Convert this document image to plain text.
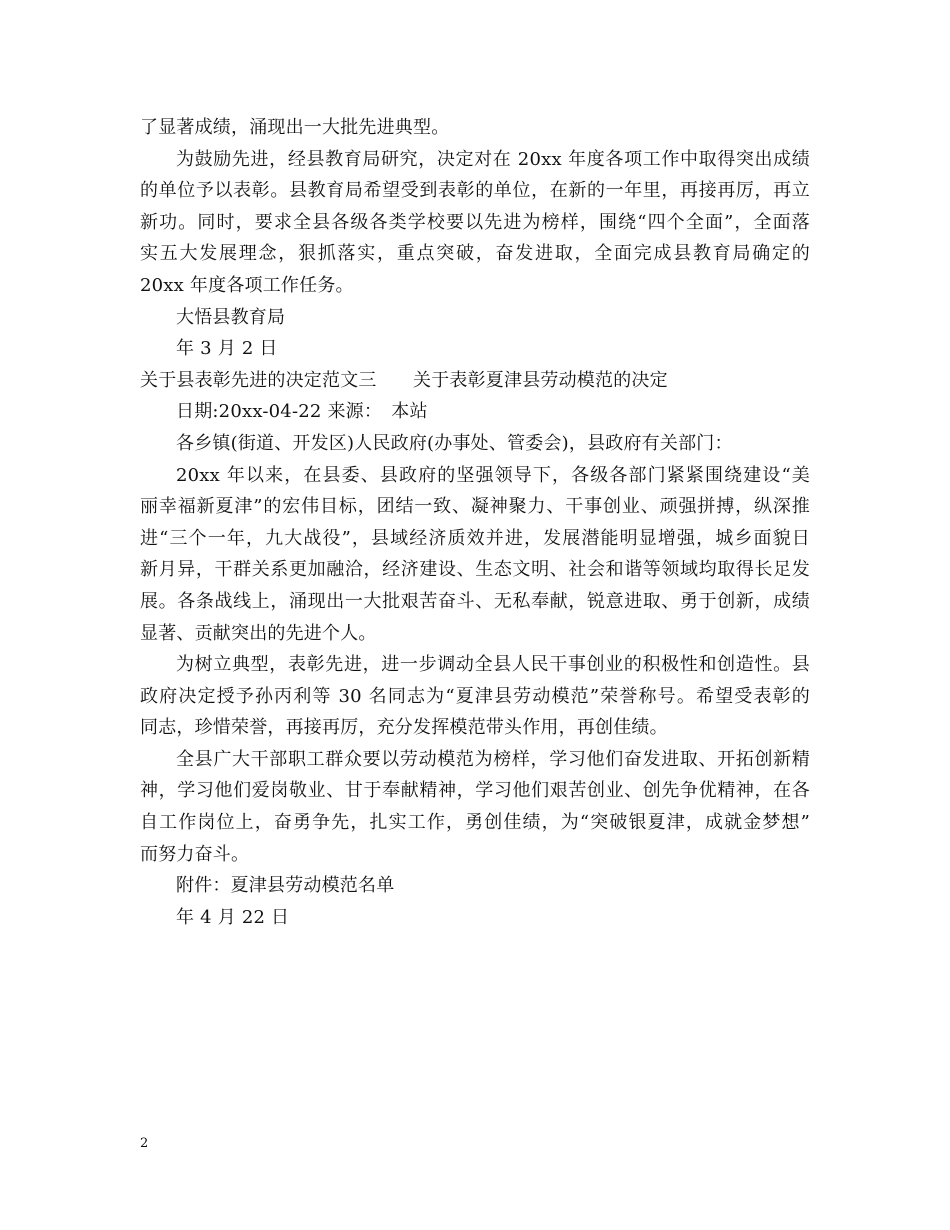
了显著成绩，涌现出一大批先进典型。
为鼓励先进，经县教育局研究，决定对在 20xx 年度各项工作中取得突出成绩
的单位予以表彰。县教育局希望受到表彰的单位，在新的一年里，再接再厉，再立
新功。同时，要求全县各级各类学校要以先进为榜样，围绕“四个全面”，全面落
实五大发展理念，狠抓落实，重点突破，奋发进取，全面完成县教育局确定的
20xx 年度各项工作任务。
大悟县教育局
年 3 月 2 日
关于县表彰先进的决定范文三　　关于表彰夏津县劳动模范的决定
日期:20xx-04-22 来源：　本站
各乡镇(街道、开发区)人民政府(办事处、管委会)，县政府有关部门：
20xx 年以来，在县委、县政府的坚强领导下，各级各部门紧紧围绕建设“美
丽幸福新夏津”的宏伟目标，团结一致、凝神聚力、干事创业、顽强拼搏，纵深推
进“三个一年，九大战役”，县域经济质效并进，发展潜能明显增强，城乡面貌日
新月异，干群关系更加融洽，经济建设、生态文明、社会和谐等领域均取得长足发
展。各条战线上，涌现出一大批艰苦奋斗、无私奉献，锐意进取、勇于创新，成绩
显著、贡献突出的先进个人。
为树立典型，表彰先进，进一步调动全县人民干事创业的积极性和创造性。县
政府决定授予孙丙利等 30 名同志为“夏津县劳动模范”荣誉称号。希望受表彰的
同志，珍惜荣誉，再接再厉，充分发挥模范带头作用，再创佳绩。
全县广大干部职工群众要以劳动模范为榜样，学习他们奋发进取、开拓创新精
神，学习他们爱岗敬业、甘于奉献精神，学习他们艰苦创业、创先争优精神，在各
自工作岗位上，奋勇争先，扎实工作，勇创佳绩，为“突破银夏津，成就金梦想”
而努力奋斗。
附件：夏津县劳动模范名单
年 4 月 22 日
2
